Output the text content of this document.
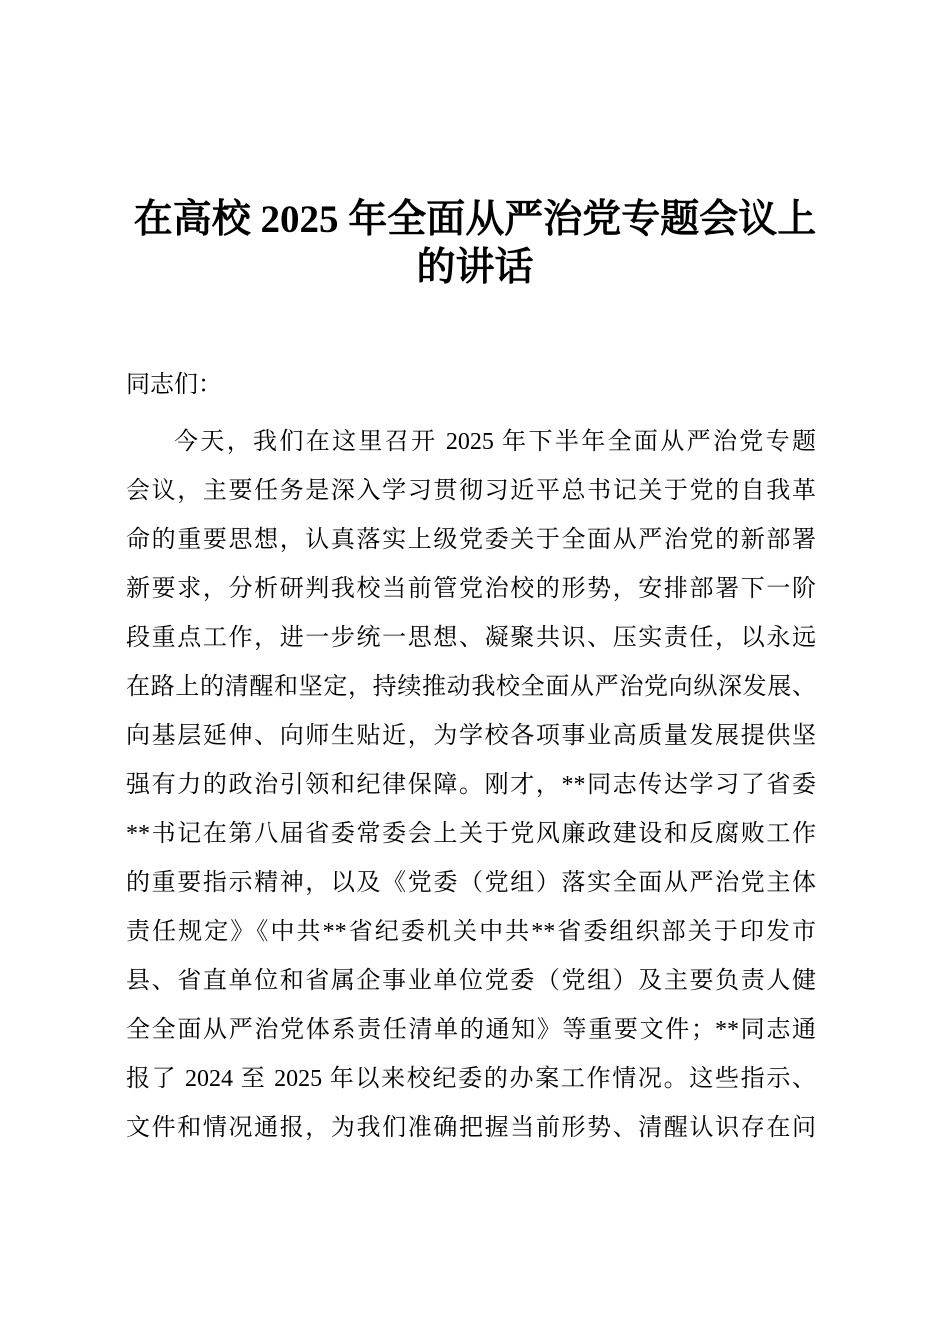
在高校 2025 年全面从严治党专题会议上
的讲话

同志们：

今天，我们在这里召开 2025 年下半年全面从严治党专题
会议，主要任务是深入学习贯彻习近平总书记关于党的自我革
命的重要思想，认真落实上级党委关于全面从严治党的新部署
新要求，分析研判我校当前管党治校的形势，安排部署下一阶
段重点工作，进一步统一思想、凝聚共识、压实责任，以永远
在路上的清醒和坚定，持续推动我校全面从严治党向纵深发展、
向基层延伸、向师生贴近，为学校各项事业高质量发展提供坚
强有力的政治引领和纪律保障。刚才，**同志传达学习了省委
**书记在第八届省委常委会上关于党风廉政建设和反腐败工作
的重要指示精神，以及《党委（党组）落实全面从严治党主体
责任规定》《中共**省纪委机关中共**省委组织部关于印发市
县、省直单位和省属企事业单位党委（党组）及主要负责人健
全全面从严治党体系责任清单的通知》等重要文件；**同志通
报了 2024 至 2025 年以来校纪委的办案工作情况。这些指示、
文件和情况通报，为我们准确把握当前形势、清醒认识存在问
